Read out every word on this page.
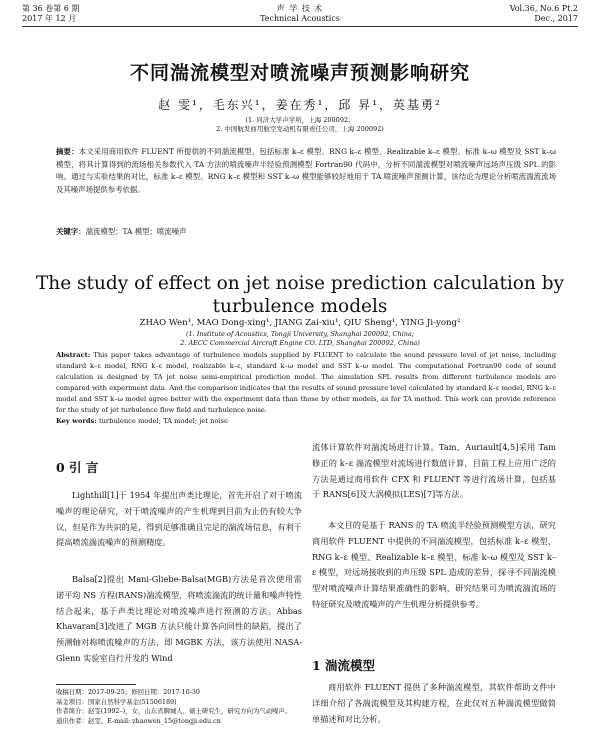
第 36 卷第 6 期
2017 年 12 月
声 学 技 术
Technical Acoustics
Vol.36, No.6 Pt.2
Dec., 2017
不同湍流模型对喷流噪声预测影响研究
赵 雯¹，毛东兴¹，姜在秀¹，邱 昇¹，英基勇²
(1. 同济大学声学所，上海 200092；
2. 中国航发商用航空发动机有限责任公司，上海 200092)
摘要：本文采用商用软件 FLUENT 所提供的不同湍流模型，包括标准 k–ε 模型、RNG k–ε 模型、Realizable k–ε 模型、标准 k–ω 模型及 SST k–ω 模型，将其计算得到的流场相关参数代入 TA 方法的喷流噪声半经验预测模型 Fortran90 代码中，分析不同湍流模型对喷流噪声远场声压级 SPL 的影响。通过与实验结果的对比，标准 k–ε 模型、RNG k–ε 模型和 SST k–ω 模型能够较好地用于 TA 喷流噪声预测计算，该结论为理论分析喷流湍流流场及其噪声场提供参考依据。
关键字：湍流模型；TA 模型；喷流噪声
The study of effect on jet noise prediction calculation by
turbulence models
ZHAO Wen¹, MAO Dong-xing¹, JIANG Zai-xiu¹, QIU Sheng¹, YING Ji-yong²
(1. Institute of Acoustics, Tongji University, Shanghai 200092, China;
2. AECC Commercial Aircraft Engine CO. LTD, Shanghai 200092, China)
Abstract: This paper takes advantage of turbulence models supplied by FLUENT to calculate the sound pressure level of jet noise, including standard k–ε model, RNG k–ε model, realizable k–ε, standard k–ω model and SST k–ω model. The computational Fortran90 code of sound calculation is designed by TA jet noise semi-empirical prediction model. The simulation SPL results from different turbulence models are compared with experiment data. And the comparison indicates that the results of sound pressure level calculated by standard k–ε model, RNG k–ε model and SST k–ω model agree better with the experiment data than those by other models, as for TA method. This work can provide reference for the study of jet turbulence flow field and turbulence noise.
Key words: turbulence model; TA model; jet noise
0 引 言
Lighthill[1]于 1954 年提出声类比理论，首先开启了对于喷流噪声的理论研究，对于喷流噪声的产生机理到目前为止仍有较大争议，但是作为共识的是，得到足够准确且完足的湍流场信息，有利于提高喷流湍流噪声的预测精度。
Balsa[2]提出 Mani-Gliebe-Balsa(MGB)方法是首次使用雷诺平均 NS 方程(RANS)湍流模型，将喷流湍流的统计量和噪声特性结合起来，基于声类比理论对喷流噪声进行预测的方法。Abbas Khavaran[3]改进了 MGB 方法只能计算各向同性的缺陷，提出了预测轴对称喷流噪声的方法，即 MGBK 方法，该方法使用 NASA-Glenn 实验室自行开发的 Wind
收稿日期：2017-09-25；修回日期：2017-10-30
基金项目：国家自然科学基金(51506189)
作者简介：赵雯(1992–)，女，山东省聊城人，硕士研究生，研究方向为气动噪声。
通讯作者：赵雯，E-mail: zhaowen_15@tongji.edu.cn
流体计算软件对湍流场进行计算。Tam、Auriault[4,5]采用 Tam 修正的 k–ε 湍流模型对流场进行数值计算，目前工程上应用广泛的方法是通过商用软件 CFX 和 FLUENT 等进行流场计算，包括基于 RANS[6]及大涡模拟(LES)[7]等方法。
本文目的是基于 RANS 的 TA 喷流半经验预测模型方法，研究商用软件 FLUENT 中提供的不同湍流模型，包括标准 k–ε 模型、RNG k–ε 模型、Realizable k–ε 模型、标准 k–ω 模型及 SST k–ε 模型，对远场接收到的声压级 SPL 造成的差异，探寻不同湍流模型对喷流噪声计算结果准确性的影响，研究结果可为喷流湍流场的特征研究及喷流噪声的产生机理分析提供参考。
1 湍流模型
商用软件 FLUENT 提供了多种湍流模型，其软件帮助文件中详细介绍了各湍流模型及其构建方程，在此仅对五种湍流模型做简单描述和对比分析。
